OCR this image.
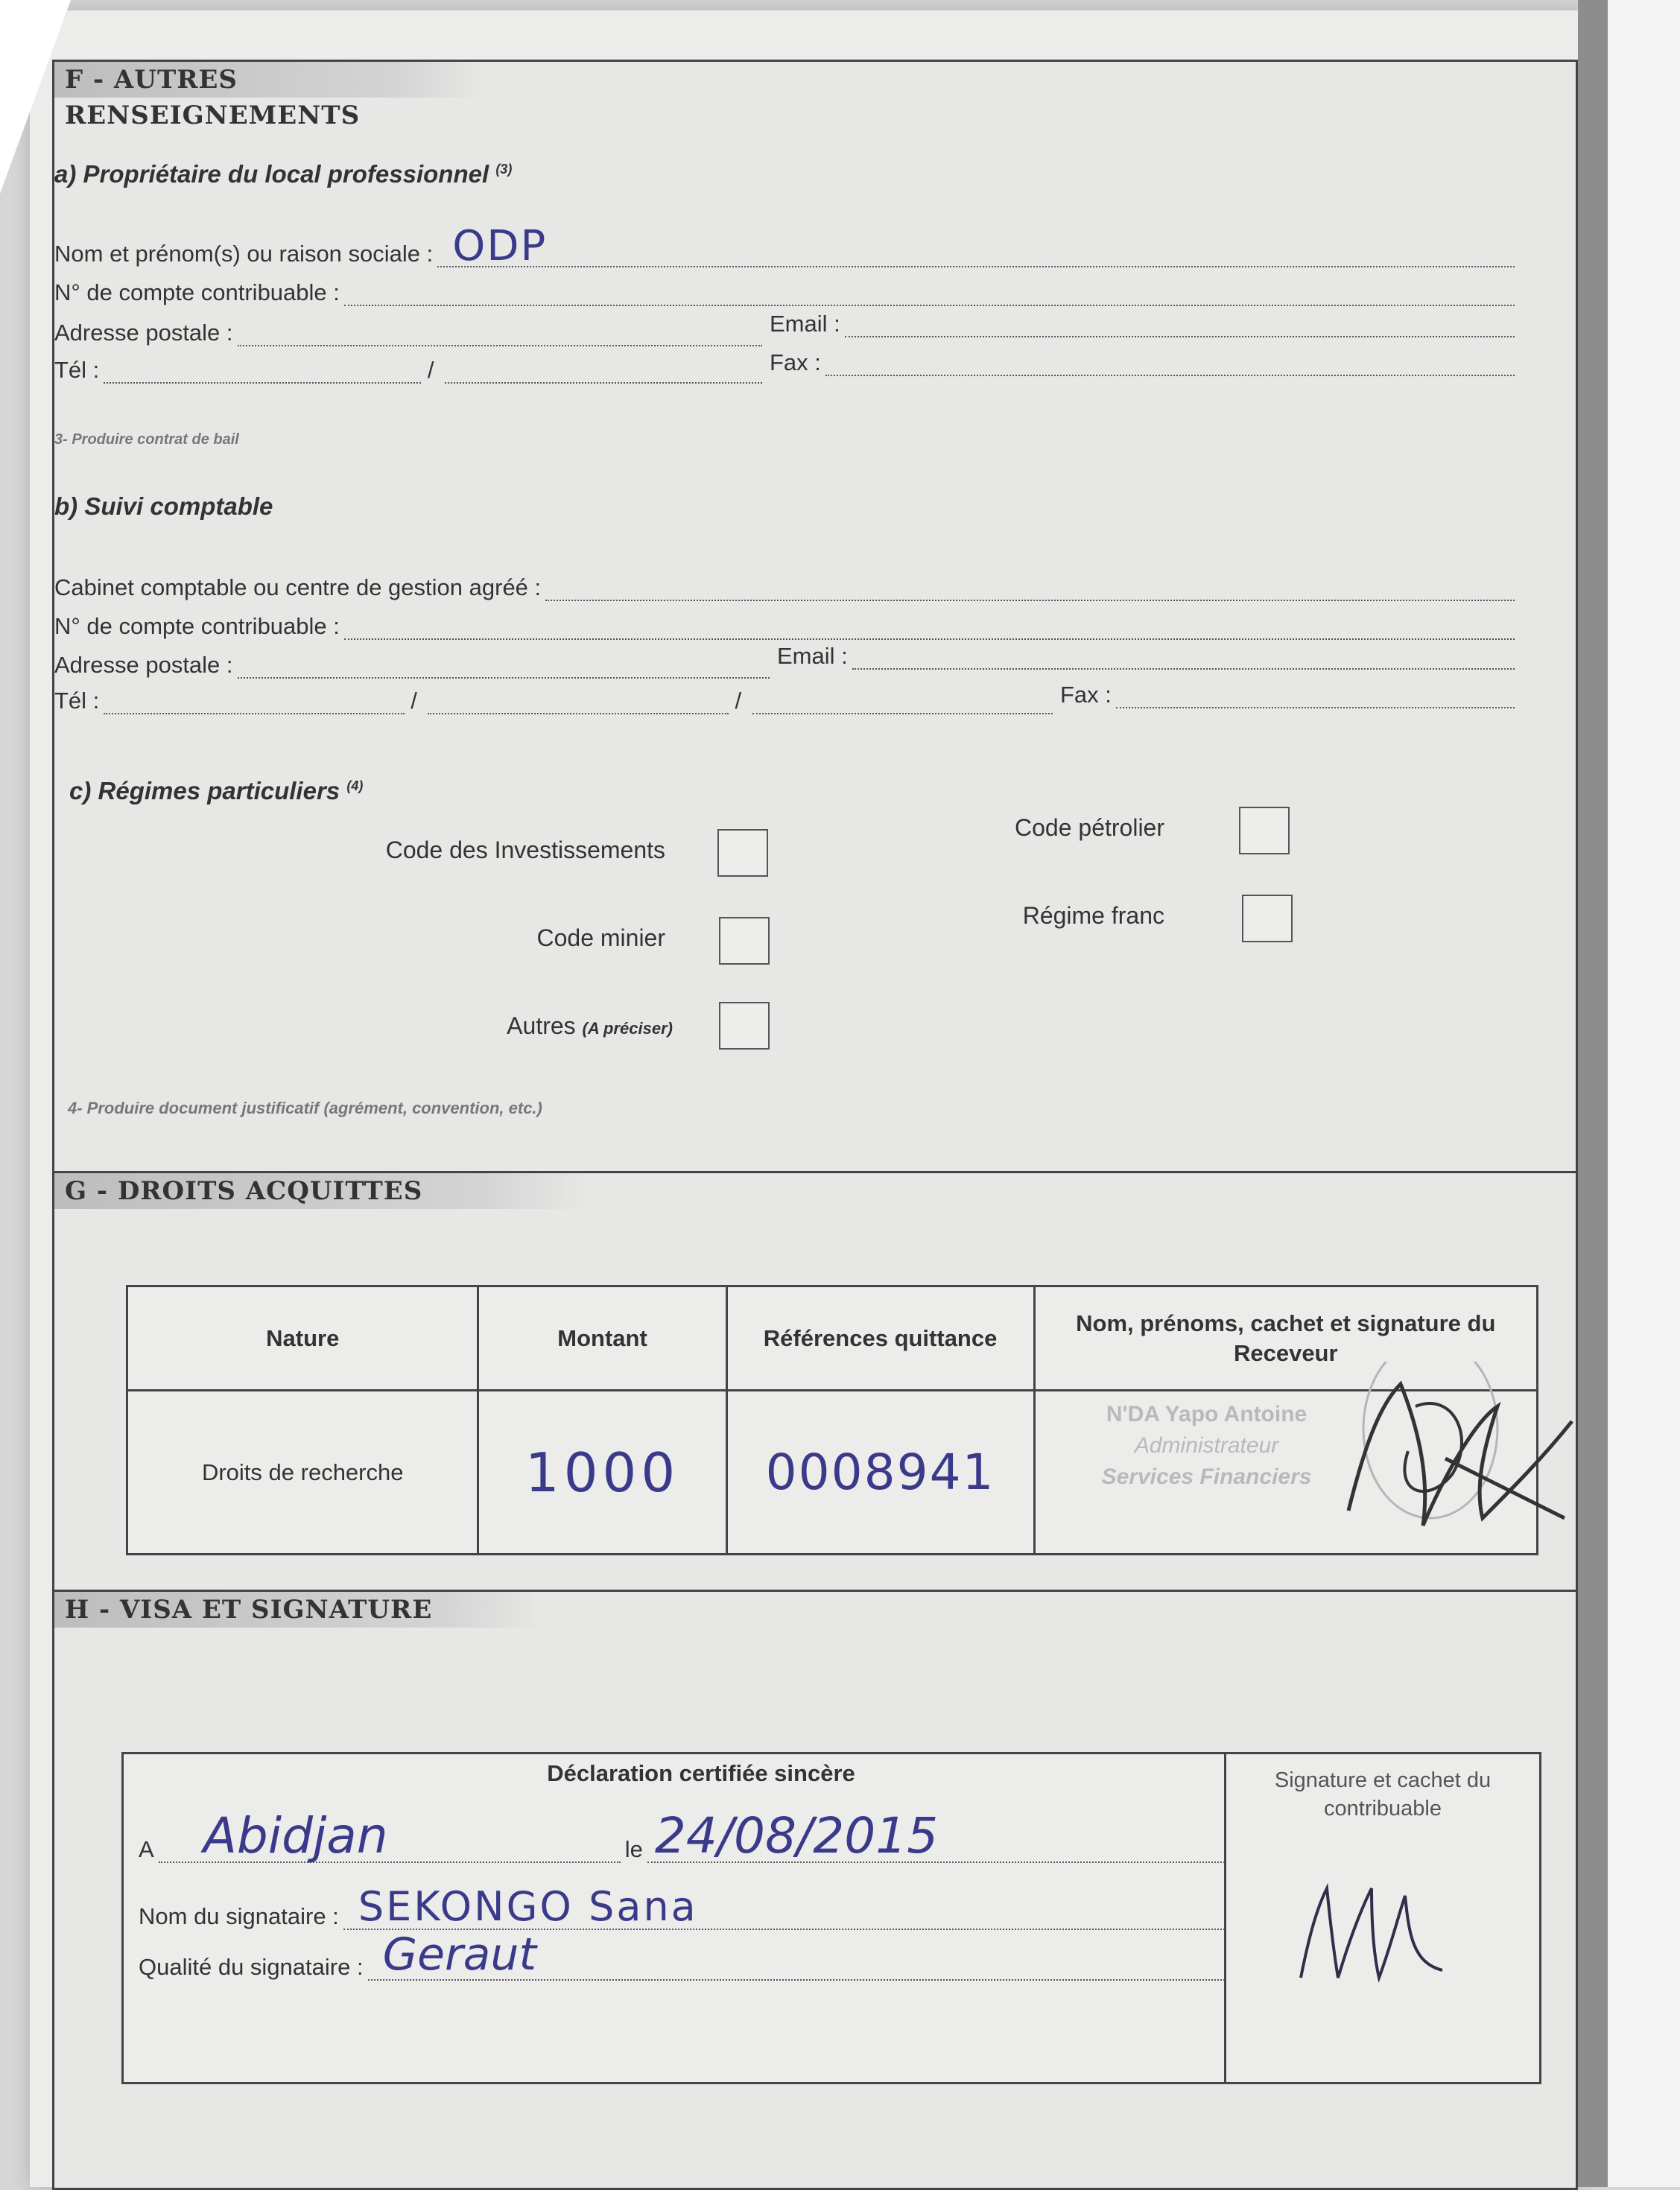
F - AUTRES RENSEIGNEMENTS
a) Propriétaire du local professionnel $^{(3)}$
Nom et prénom(s) ou raison sociale : ODP
N° de compte contribuable :
Adresse postale :	Email :
Tél :	/	Fax :
3- Produire contrat de bail
b) Suivi comptable
Cabinet comptable ou centre de gestion agréé :
N° de compte contribuable :
Adresse postale :	Email :
Tél :	/	/	Fax :
c) Régimes particuliers $^{(4)}$
Code des Investissements
Code pétrolier
Code minier
Régime franc
Autres (A préciser)
4- Produire document justificatif (agrément, convention, etc.)
G - DROITS ACQUITTES
Nature	Montant	Références quittance	Nom, prénoms, cachet et signature du Receveur
Droits de recherche	1000	0008941	N'DA Yapo Antoine
Administrateur
Services Financiers
H - VISA ET SIGNATURE
Déclaration certifiée sincère
A Abidjan	le 24/08/2015
Nom du signataire : SEKONGO Sana
Qualité du signataire : Geraut
Signature et cachet du contribuable
